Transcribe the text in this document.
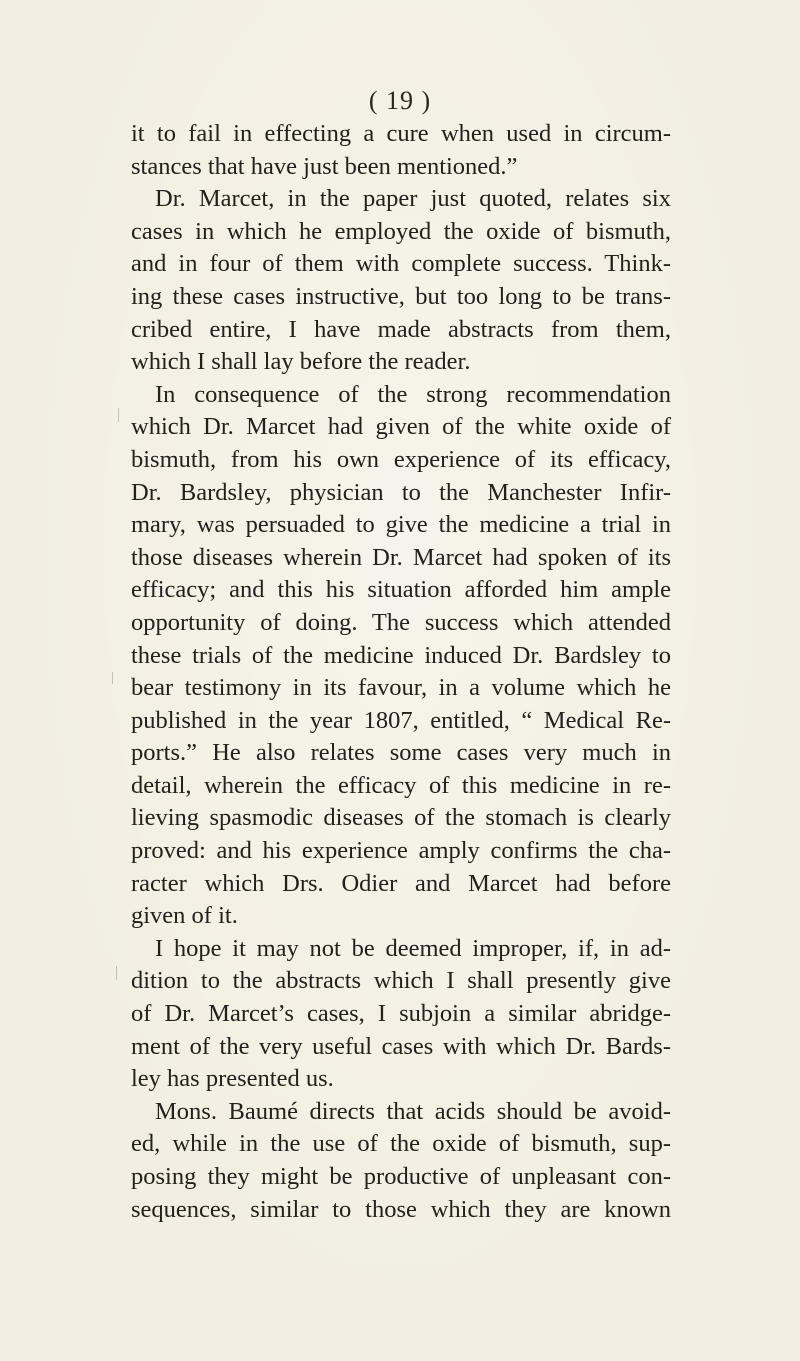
( 19 )
it to fail in effecting a cure when used in circum-
stances that have just been mentioned.”
Dr. Marcet, in the paper just quoted, relates six
cases in which he employed the oxide of bismuth,
and in four of them with complete success. Think-
ing these cases instructive, but too long to be trans-
cribed entire, I have made abstracts from them,
which I shall lay before the reader.
In consequence of the strong recommendation
which Dr. Marcet had given of the white oxide of
bismuth, from his own experience of its efficacy,
Dr. Bardsley, physician to the Manchester Infir-
mary, was persuaded to give the medicine a trial in
those diseases wherein Dr. Marcet had spoken of its
efficacy; and this his situation afforded him ample
opportunity of doing. The success which attended
these trials of the medicine induced Dr. Bardsley to
bear testimony in its favour, in a volume which he
published in the year 1807, entitled, “ Medical Re-
ports.” He also relates some cases very much in
detail, wherein the efficacy of this medicine in re-
lieving spasmodic diseases of the stomach is clearly
proved: and his experience amply confirms the cha-
racter which Drs. Odier and Marcet had before
given of it.
I hope it may not be deemed improper, if, in ad-
dition to the abstracts which I shall presently give
of Dr. Marcet’s cases, I subjoin a similar abridge-
ment of the very useful cases with which Dr. Bards-
ley has presented us.
Mons. Baumé directs that acids should be avoid-
ed, while in the use of the oxide of bismuth, sup-
posing they might be productive of unpleasant con-
sequences, similar to those which they are known
